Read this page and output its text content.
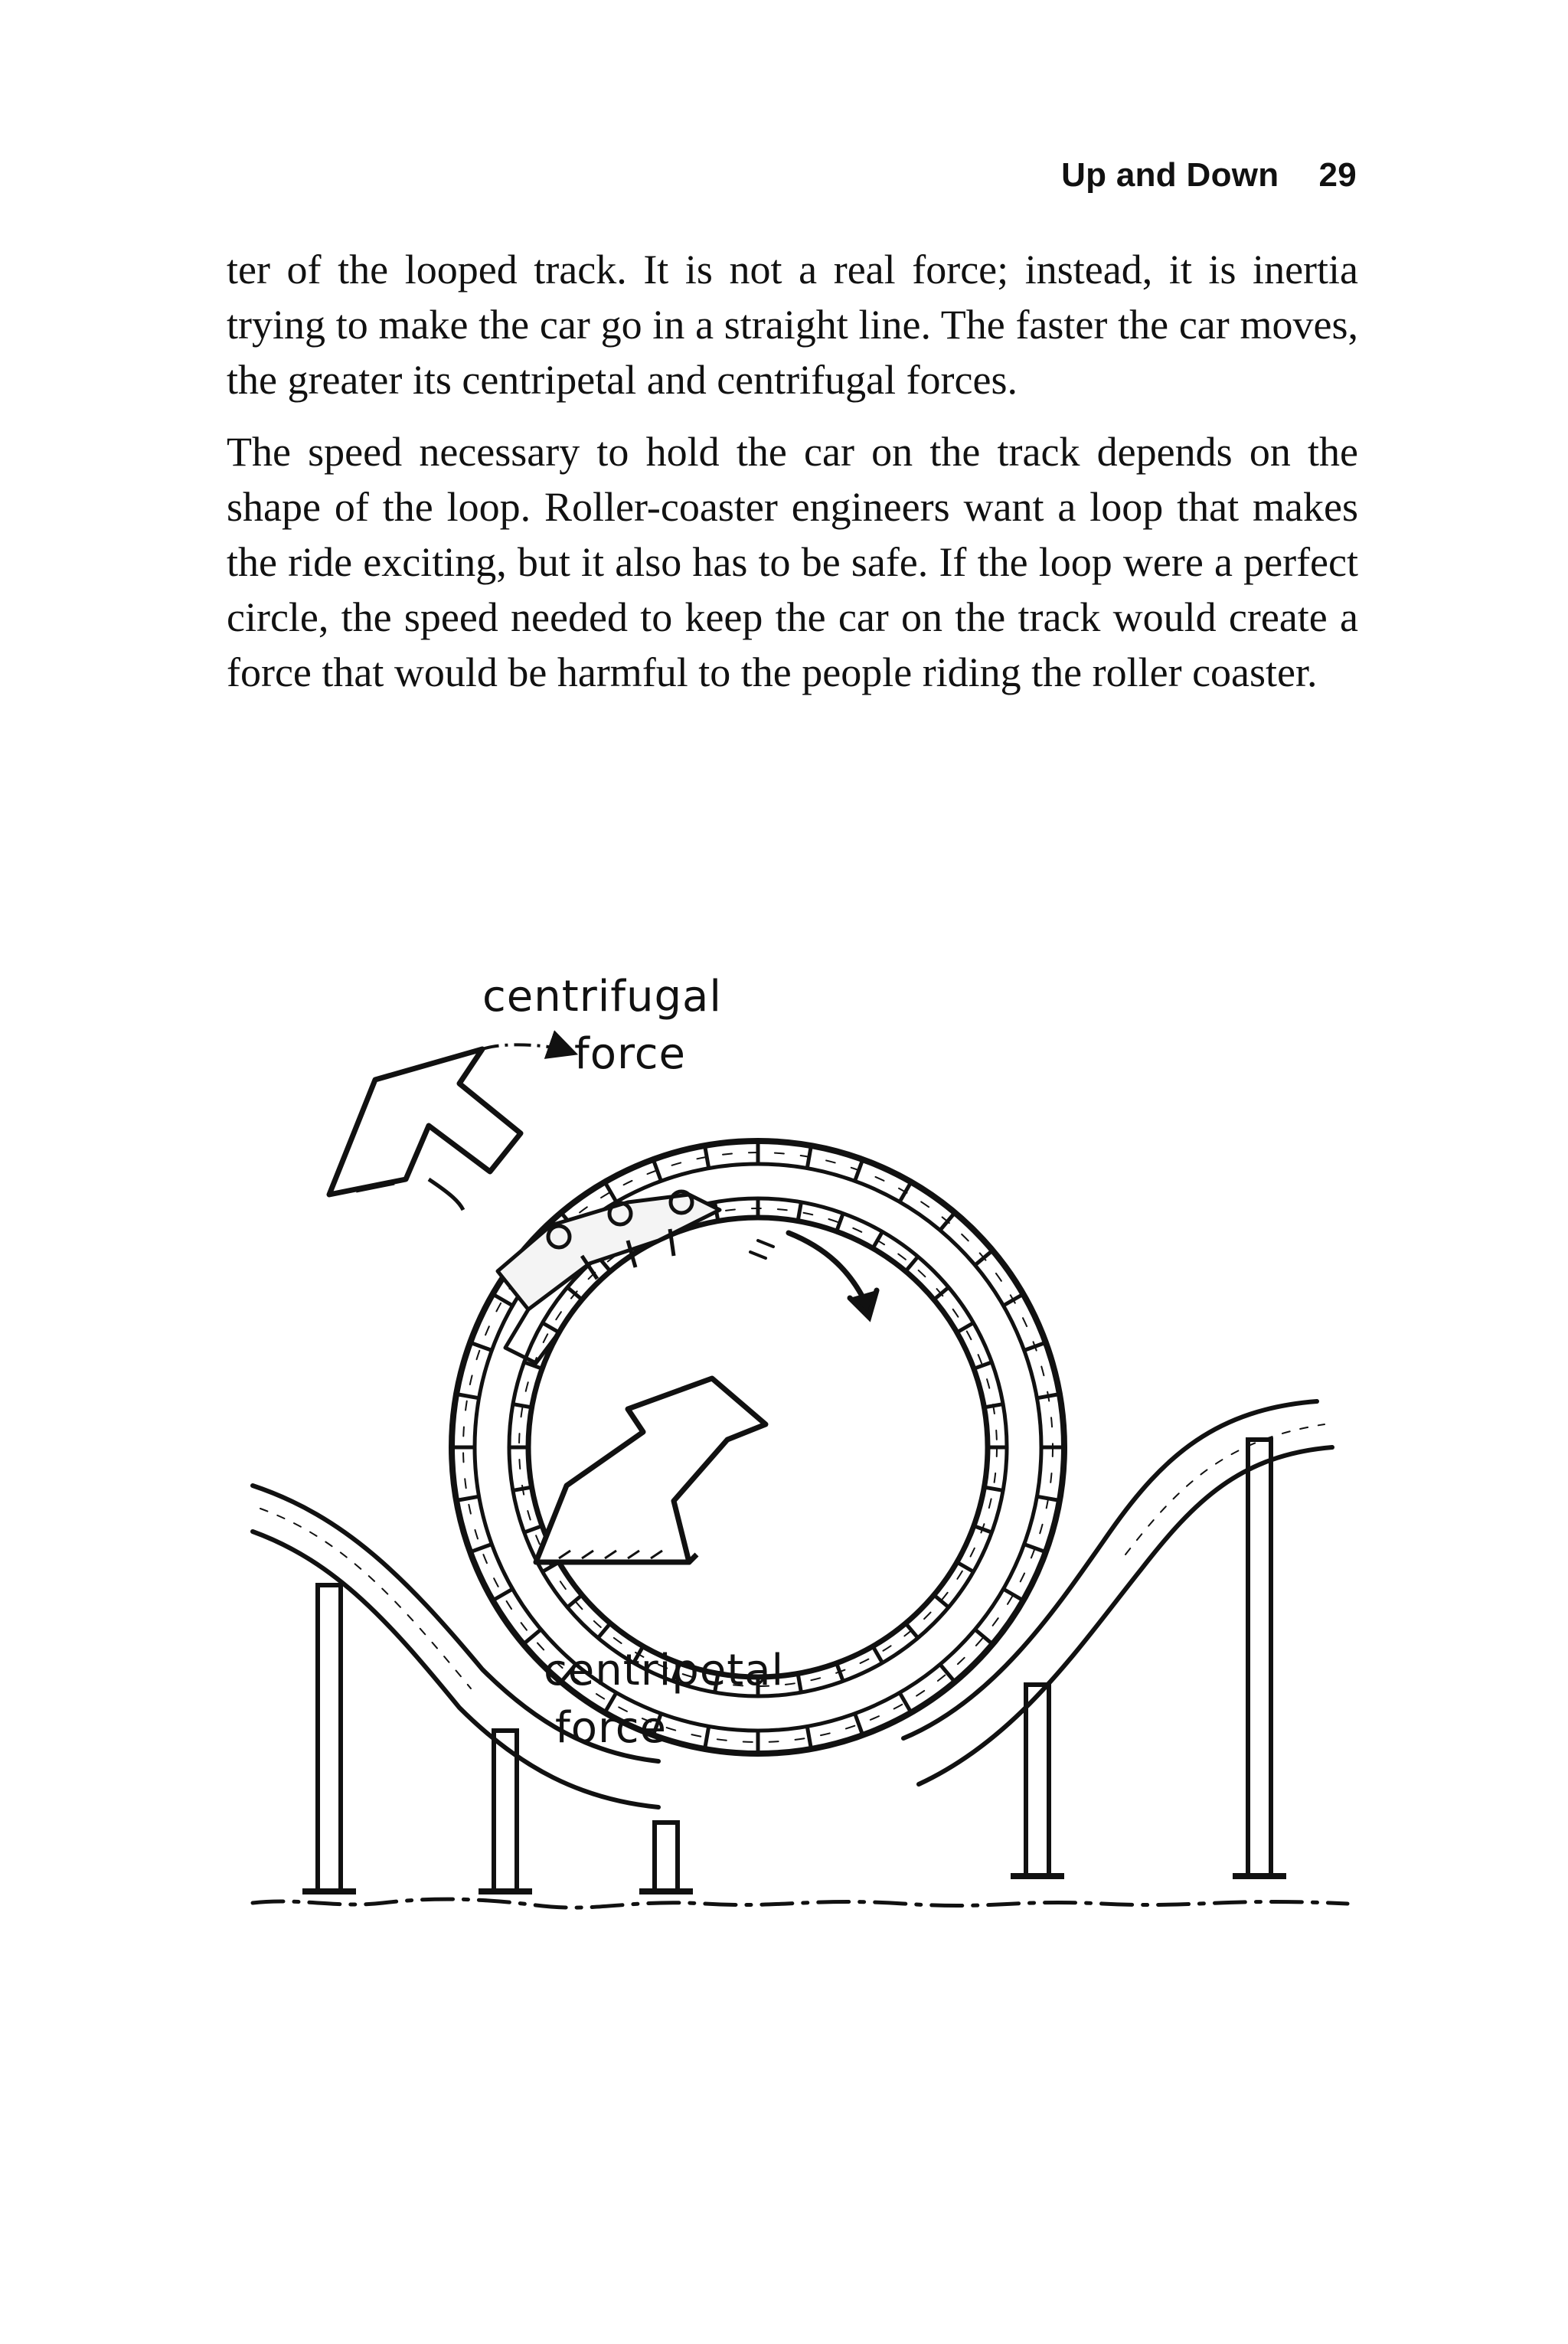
Up and Down 29

ter of the looped track. It is not a real force; instead, it is inertia trying to make the car go in a straight line. The faster the car moves, the greater its centripetal and centrifugal forces.

The speed necessary to hold the car on the track depends on the shape of the loop. Roller-coaster engineers want a loop that makes the ride exciting, but it also has to be safe. If the loop were a perfect circle, the speed needed to keep the car on the track would create a force that would be harmful to the people riding the roller coaster.

centrifugal
force
centripetal
force
